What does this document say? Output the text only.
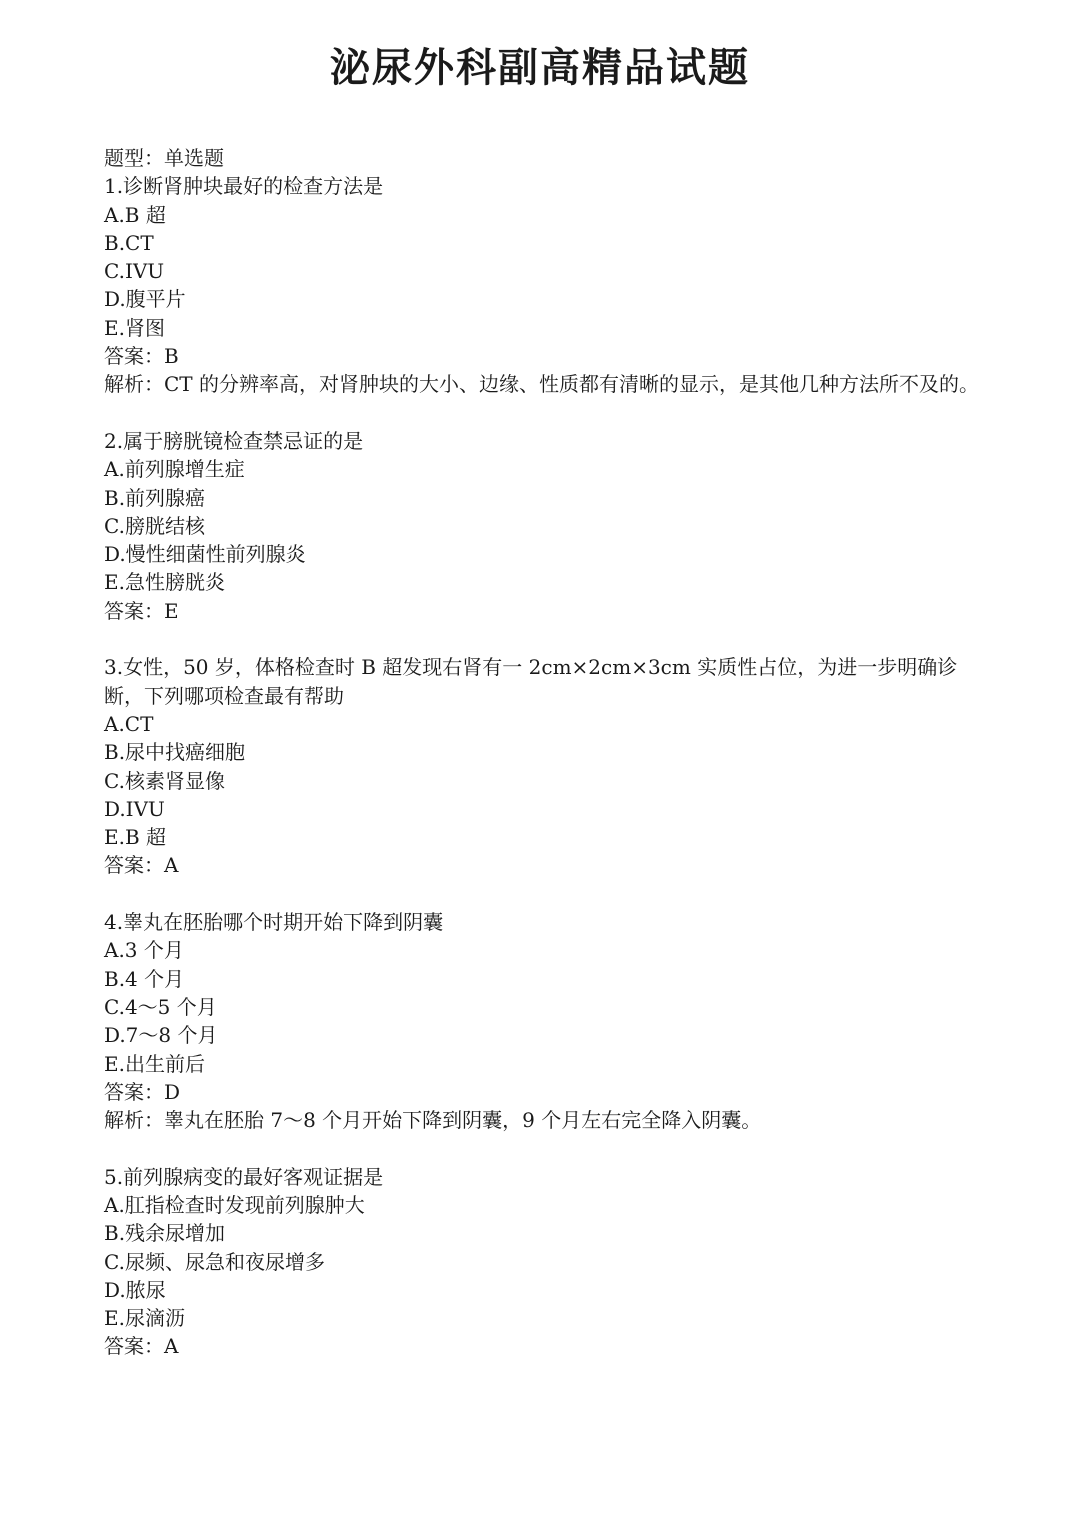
泌尿外科副高精品试题
题型：单选题
1.诊断肾肿块最好的检查方法是
A.B 超
B.CT
C.IVU
D.腹平片
E.肾图
答案：B
解析：CT 的分辨率高，对肾肿块的大小、边缘、性质都有清晰的显示，是其他几种方法所不及的。
2.属于膀胱镜检查禁忌证的是
A.前列腺增生症
B.前列腺癌
C.膀胱结核
D.慢性细菌性前列腺炎
E.急性膀胱炎
答案：E
3.女性，50 岁，体格检查时 B 超发现右肾有一 2cm×2cm×3cm 实质性占位，为进一步明确诊断，下列哪项检查最有帮助
A.CT
B.尿中找癌细胞
C.核素肾显像
D.IVU
E.B 超
答案：A
4.睾丸在胚胎哪个时期开始下降到阴囊
A.3 个月
B.4 个月
C.4～5 个月
D.7～8 个月
E.出生前后
答案：D
解析：睾丸在胚胎 7～8 个月开始下降到阴囊，9 个月左右完全降入阴囊。
5.前列腺病变的最好客观证据是
A.肛指检查时发现前列腺肿大
B.残余尿增加
C.尿频、尿急和夜尿增多
D.脓尿
E.尿滴沥
答案：A
